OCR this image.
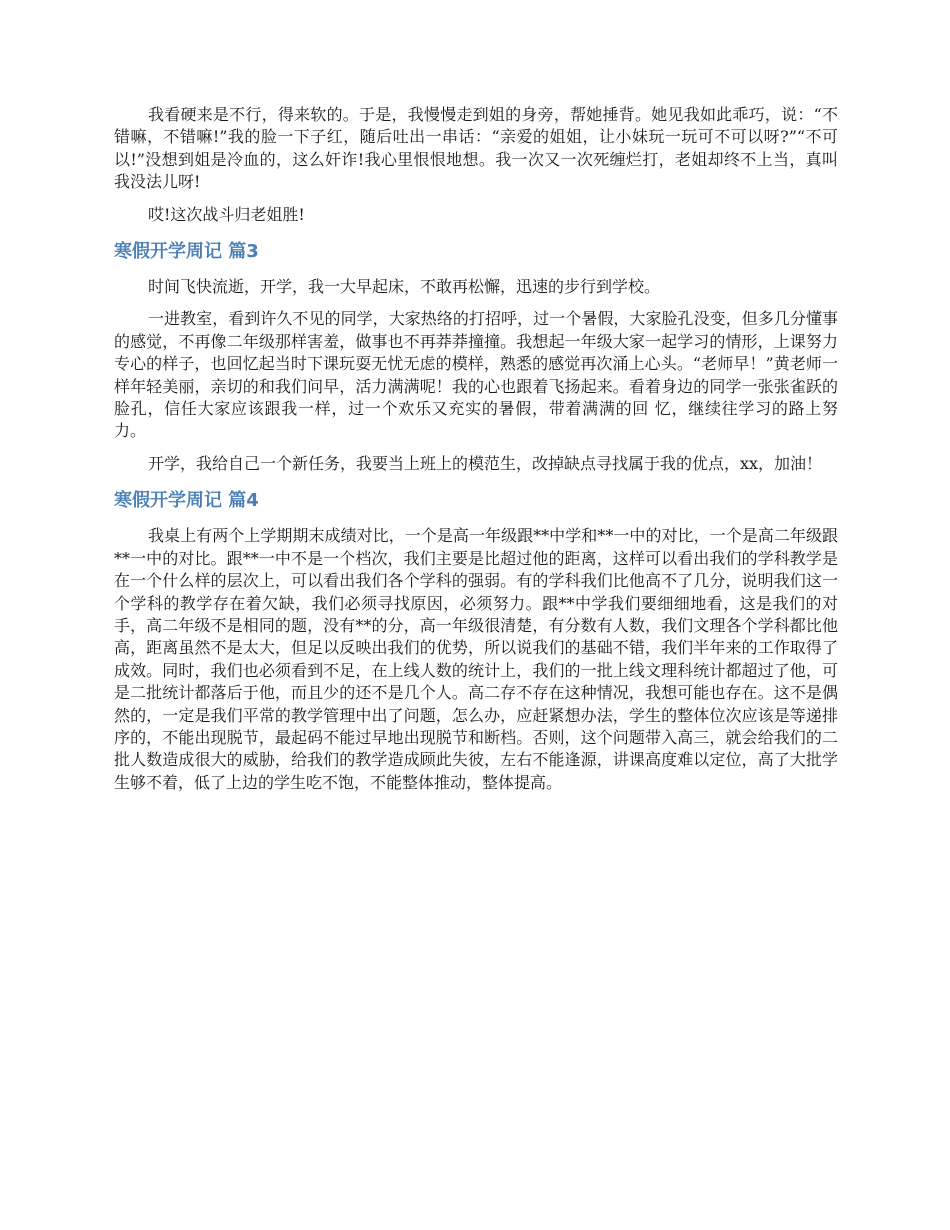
我看硬来是不行，得来软的。于是，我慢慢走到姐的身旁，帮她捶背。她见我如此乖巧，说：“不错嘛，不错嘛!”我的脸一下子红，随后吐出一串话：“亲爱的姐姐，让小妹玩一玩可不可以呀?”“不可以!”没想到姐是冷血的，这么奸诈!我心里恨恨地想。我一次又一次死缠烂打，老姐却终不上当，真叫我没法儿呀!

哎!这次战斗归老姐胜!

寒假开学周记 篇3

时间飞快流逝，开学，我一大早起床，不敢再松懈，迅速的步行到学校。

一进教室，看到许久不见的同学，大家热络的打招呼，过一个暑假，大家脸孔没变，但多几分懂事的感觉，不再像二年级那样害羞，做事也不再莽莽撞撞。我想起一年级大家一起学习的情形，上课努力专心的样子，也回忆起当时下课玩耍无忧无虑的模样，熟悉的感觉再次涌上心头。“老师早！”黄老师一样年轻美丽，亲切的和我们问早，活力满满呢！我的心也跟着飞扬起来。看着身边的同学一张张雀跃的脸孔，信任大家应该跟我一样，过一个欢乐又充实的暑假，带着满满的回 忆，继续往学习的路上努力。

开学，我给自己一个新任务，我要当上班上的模范生，改掉缺点寻找属于我的优点，xx，加油！

寒假开学周记 篇4

我桌上有两个上学期期末成绩对比，一个是高一年级跟**中学和**一中的对比，一个是高二年级跟**一中的对比。跟**一中不是一个档次，我们主要是比超过他的距离，这样可以看出我们的学科教学是在一个什么样的层次上，可以看出我们各个学科的强弱。有的学科我们比他高不了几分，说明我们这一个学科的教学存在着欠缺，我们必须寻找原因，必须努力。跟**中学我们要细细地看，这是我们的对手，高二年级不是相同的题，没有**的分，高一年级很清楚，有分数有人数，我们文理各个学科都比他高，距离虽然不是太大，但足以反映出我们的优势，所以说我们的基础不错，我们半年来的工作取得了成效。同时，我们也必须看到不足，在上线人数的统计上，我们的一批上线文理科统计都超过了他，可是二批统计都落后于他，而且少的还不是几个人。高二存不存在这种情况，我想可能也存在。这不是偶然的，一定是我们平常的教学管理中出了问题，怎么办，应赶紧想办法，学生的整体位次应该是等递排序的，不能出现脱节，最起码不能过早地出现脱节和断档。否则，这个问题带入高三，就会给我们的二批人数造成很大的威胁，给我们的教学造成顾此失彼，左右不能逢源，讲课高度难以定位，高了大批学生够不着，低了上边的学生吃不饱，不能整体推动，整体提高。
